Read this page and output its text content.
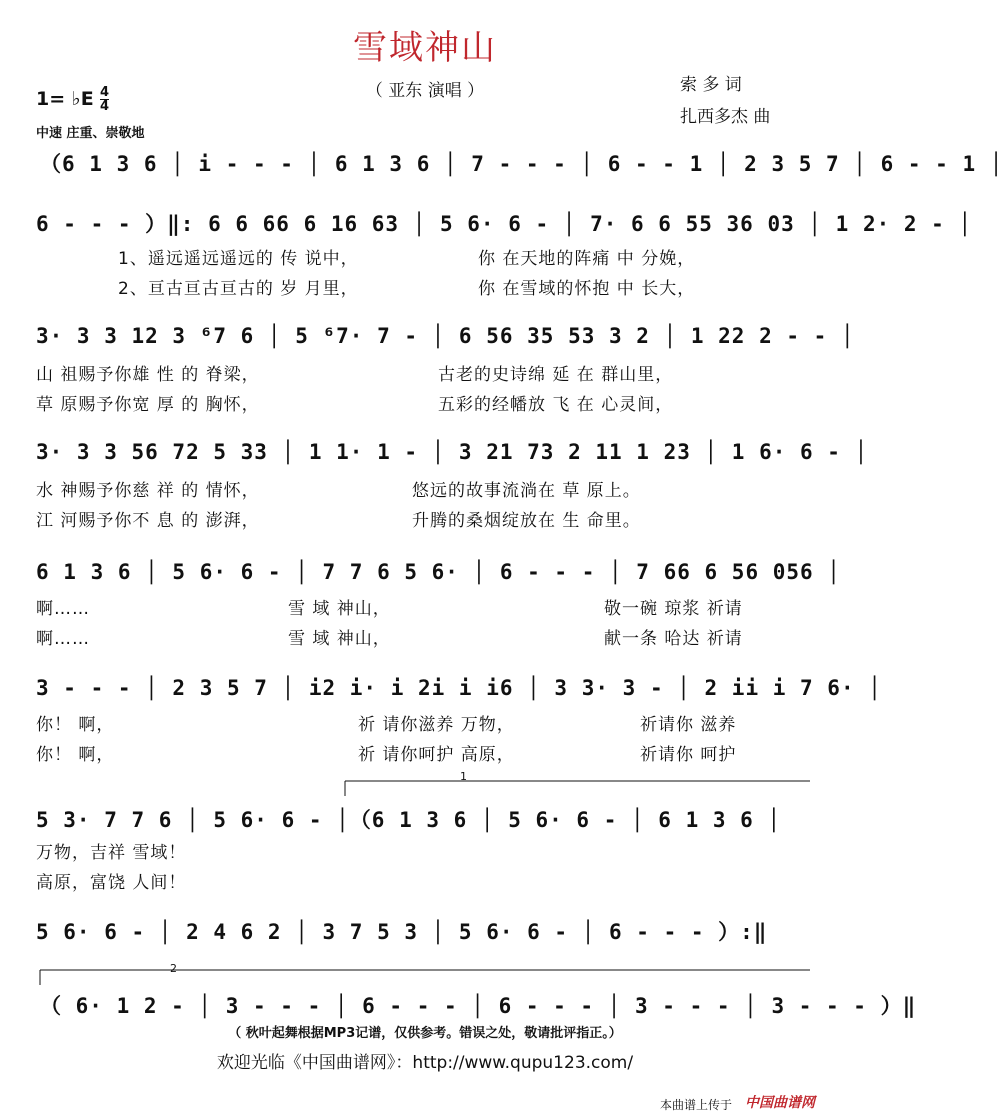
雪域神山
（ 亚东 演唱 ）	索 多 词
扎西多杰 曲
1= ♭E 4
4
中速 庄重、崇敬地
（6 1 3 6 │ i - - - │ 6 1 3 6 │ 7 - - - │ 6 - - 1 │ 2 3 5 7 │ 6 - - 1 │
6 - - - ）‖: 6 6 66 6 16 63 │ 5 6· 6 - │ 7· 6 6 55 36 03 │ 1 2· 2 - │
1、遥远遥远遥远的 传 说中，	你 在天地的阵痛 中 分娩，
2、亘古亘古亘古的 岁 月里，	你 在雪域的怀抱 中 长大，
3· 3 3 12 3 ⁶7 6 │ 5 ⁶7· 7 - │ 6 56 35 53 3 2 │ 1 22 2 - - │
山 祖赐予你雄 性 的 脊梁，	古老的史诗绵 延 在 群山里，
草 原赐予你宽 厚 的 胸怀，	五彩的经幡放 飞 在 心灵间，
3· 3 3 56 72 5 33 │ 1 1· 1 - │ 3 21 73 2 11 1 23 │ 1 6· 6 - │
水 神赐予你慈 祥 的 情怀，	悠远的故事流淌在 草 原上。
江 河赐予你不 息 的 澎湃，	升腾的桑烟绽放在 生 命里。
6 1 3 6 │ 5 6· 6 - │ 7 7 6 5 6· │ 6 - - - │ 7 66 6 56 056 │
啊……	雪 域 神山，	敬一碗 琼浆 祈请
啊……	雪 域 神山，	献一条 哈达 祈请
3 - - - │ 2 3 5 7 │ i2 i· i 2i i i6 │ 3 3· 3 - │ 2 ii i 7 6· │
你！ 啊，	祈 请你滋养 万物，	祈请你 滋养
你！ 啊，	祈 请你呵护 高原，	祈请你 呵护
1
5 3· 7 7 6 │ 5 6· 6 - │（6 1 3 6 │ 5 6· 6 - │ 6 1 3 6 │
万物，吉祥 雪域！
高原，富饶 人间！
5 6· 6 - │ 2 4 6 2 │ 3 7 5 3 │ 5 6· 6 - │ 6 - - - ）:‖
2
（ 6· 1 2 - │ 3 - - - │ 6 - - - │ 6 - - - │ 3 - - - │ 3 - - - ）‖
（ 秋叶起舞根据MP3记谱，仅供参考。错误之处，敬请批评指正。）
欢迎光临《中国曲谱网》：http://www.qupu123.com/
本曲谱上传于 中国曲谱网
